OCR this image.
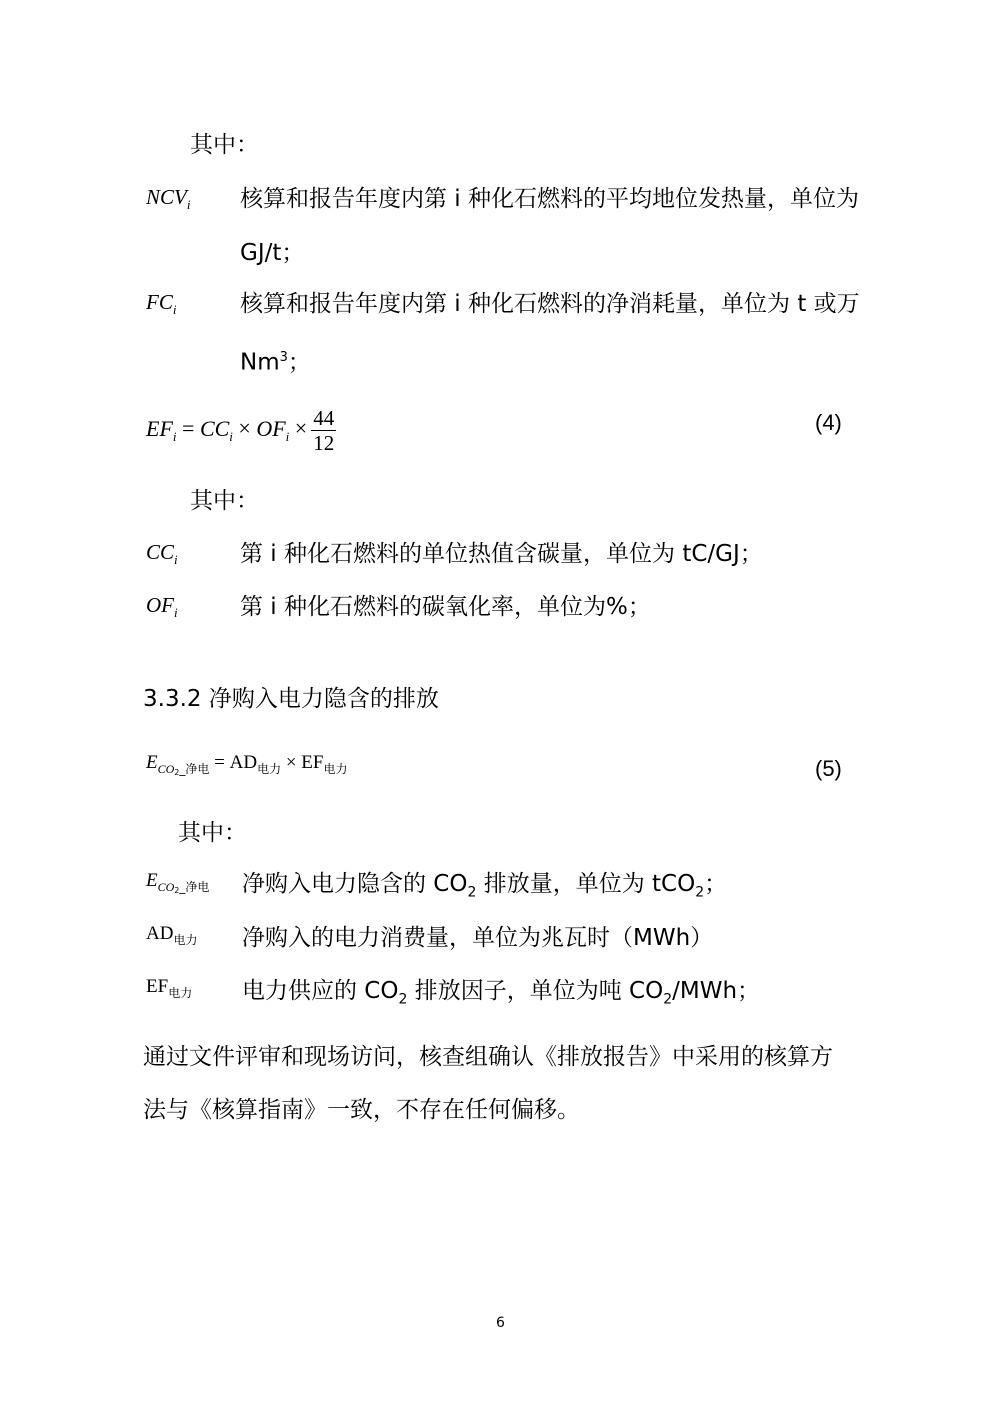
其中：
$NCV_i$ 核算和报告年度内第 i 种化石燃料的平均地位发热量，单位为
GJ/t；
$FC_i$	核算和报告年度内第 i 种化石燃料的净消耗量，单位为 t 或万
Nm$^3$；
$EF_i = CC_i \times OF_i \times \frac{44}{12}$	(4)
其中：
$CC_i$	第 i 种化石燃料的单位热值含碳量，单位为 tC/GJ；
$OF_i$	第 i 种化石燃料的碳氧化率，单位为%；
3.3.2 净购入电力隐含的排放
$E_{CO_2\_净电} = AD_{电力} \times EF_{电力}$	(5)
其中：
$E_{CO_2\_净电}$ 净购入电力隐含的 $CO_2$ 排放量，单位为 tCO$_2$；
$AD_{电力}$ 净购入的电力消费量，单位为兆瓦时（MWh）
$EF_{电力}$ 电力供应的 $CO_2$ 排放因子，单位为吨 $CO_2$/MWh；
通过文件评审和现场访问，核查组确认《排放报告》中采用的核算方
法与《核算指南》一致，不存在任何偏移。
6
